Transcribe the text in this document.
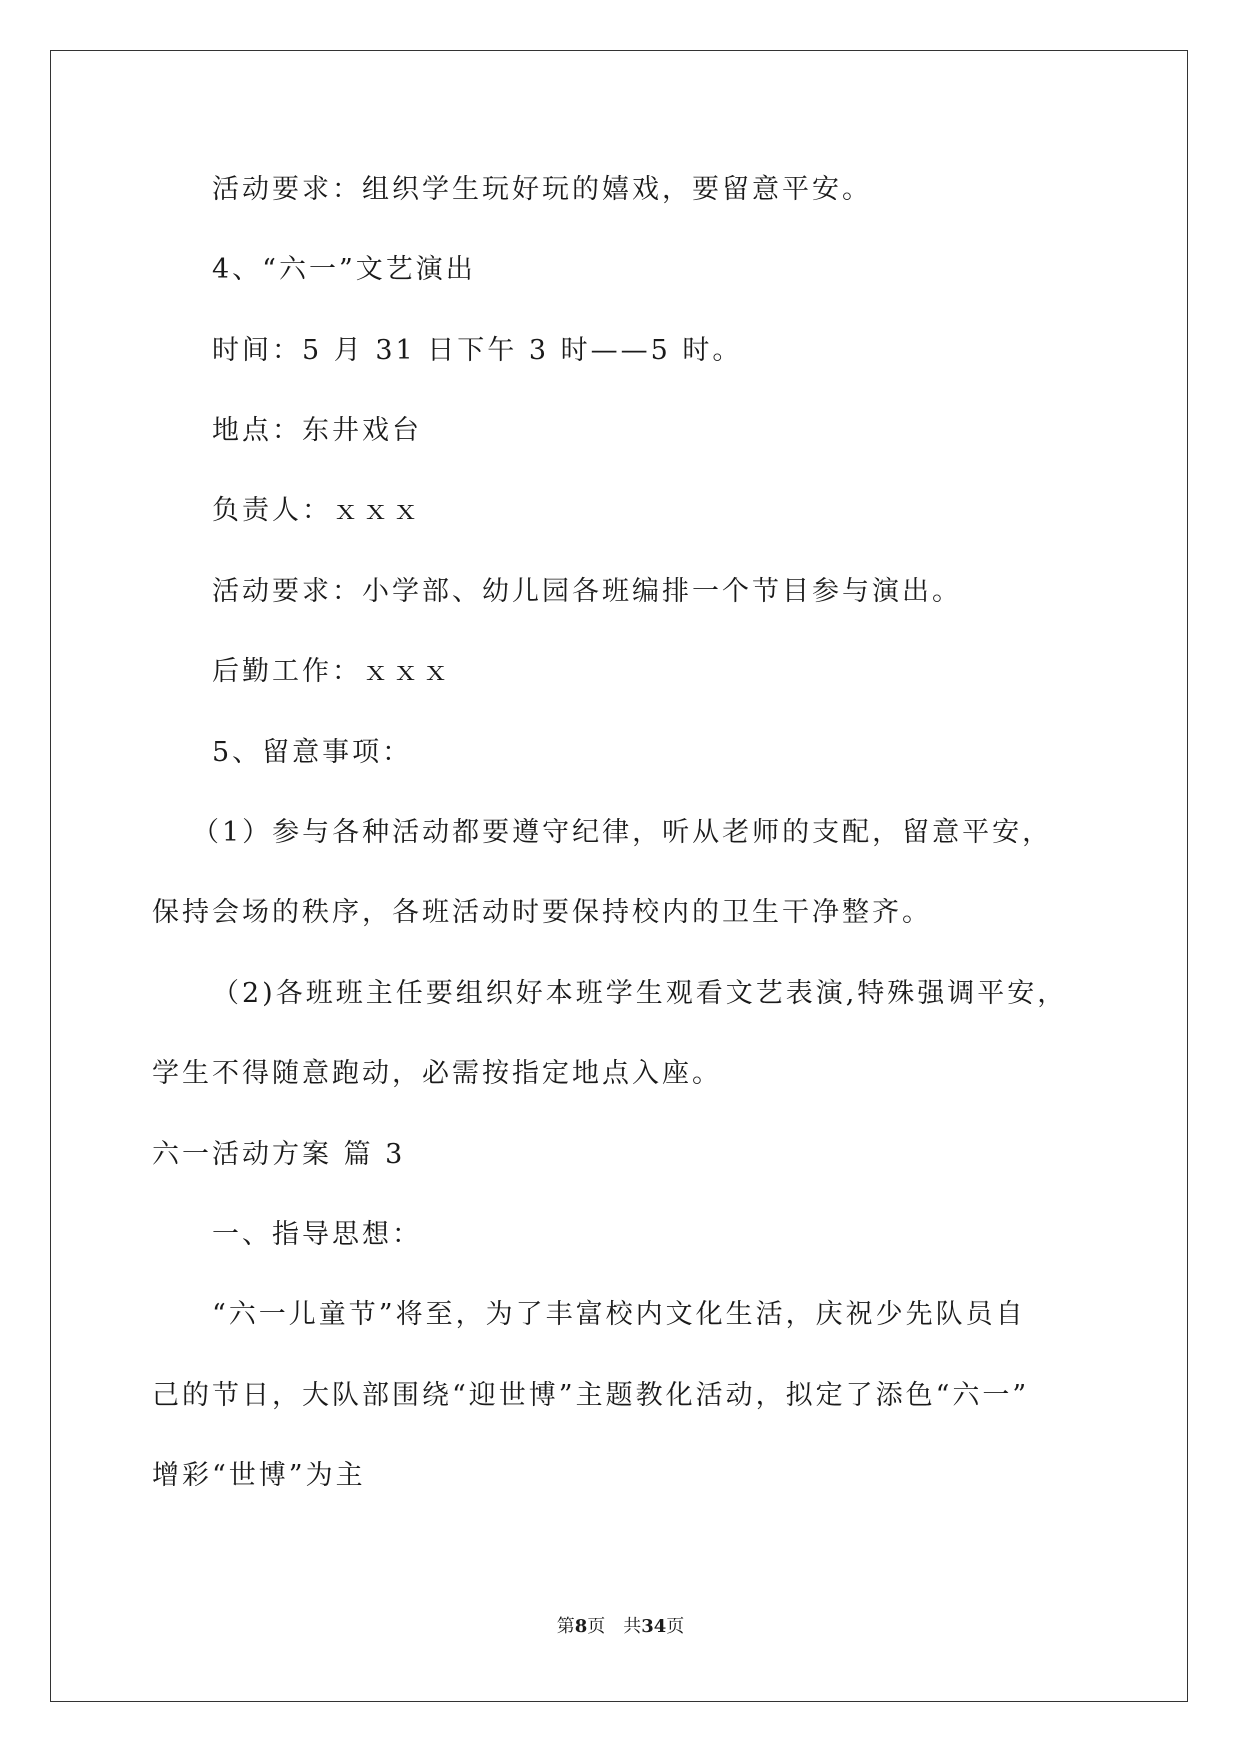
活动要求：组织学生玩好玩的嬉戏，要留意平安。
4、“六一”文艺演出
时间：5 月 31 日下午 3 时——5 时。
地点：东井戏台
负责人：ｘｘｘ
活动要求：小学部、幼儿园各班编排一个节目参与演出。
后勤工作：ｘｘｘ
5、留意事项：
（1）参与各种活动都要遵守纪律，听从老师的支配，留意平安，
保持会场的秩序，各班活动时要保持校内的卫生干净整齐。
（2)各班班主任要组织好本班学生观看文艺表演,特殊强调平安，
学生不得随意跑动，必需按指定地点入座。
六一活动方案 篇 3
一、指导思想：
“六一儿童节”将至，为了丰富校内文化生活，庆祝少先队员自
己的节日，大队部围绕“迎世博”主题教化活动，拟定了添色“六一”
增彩“世博”为主
第8页　共34页
